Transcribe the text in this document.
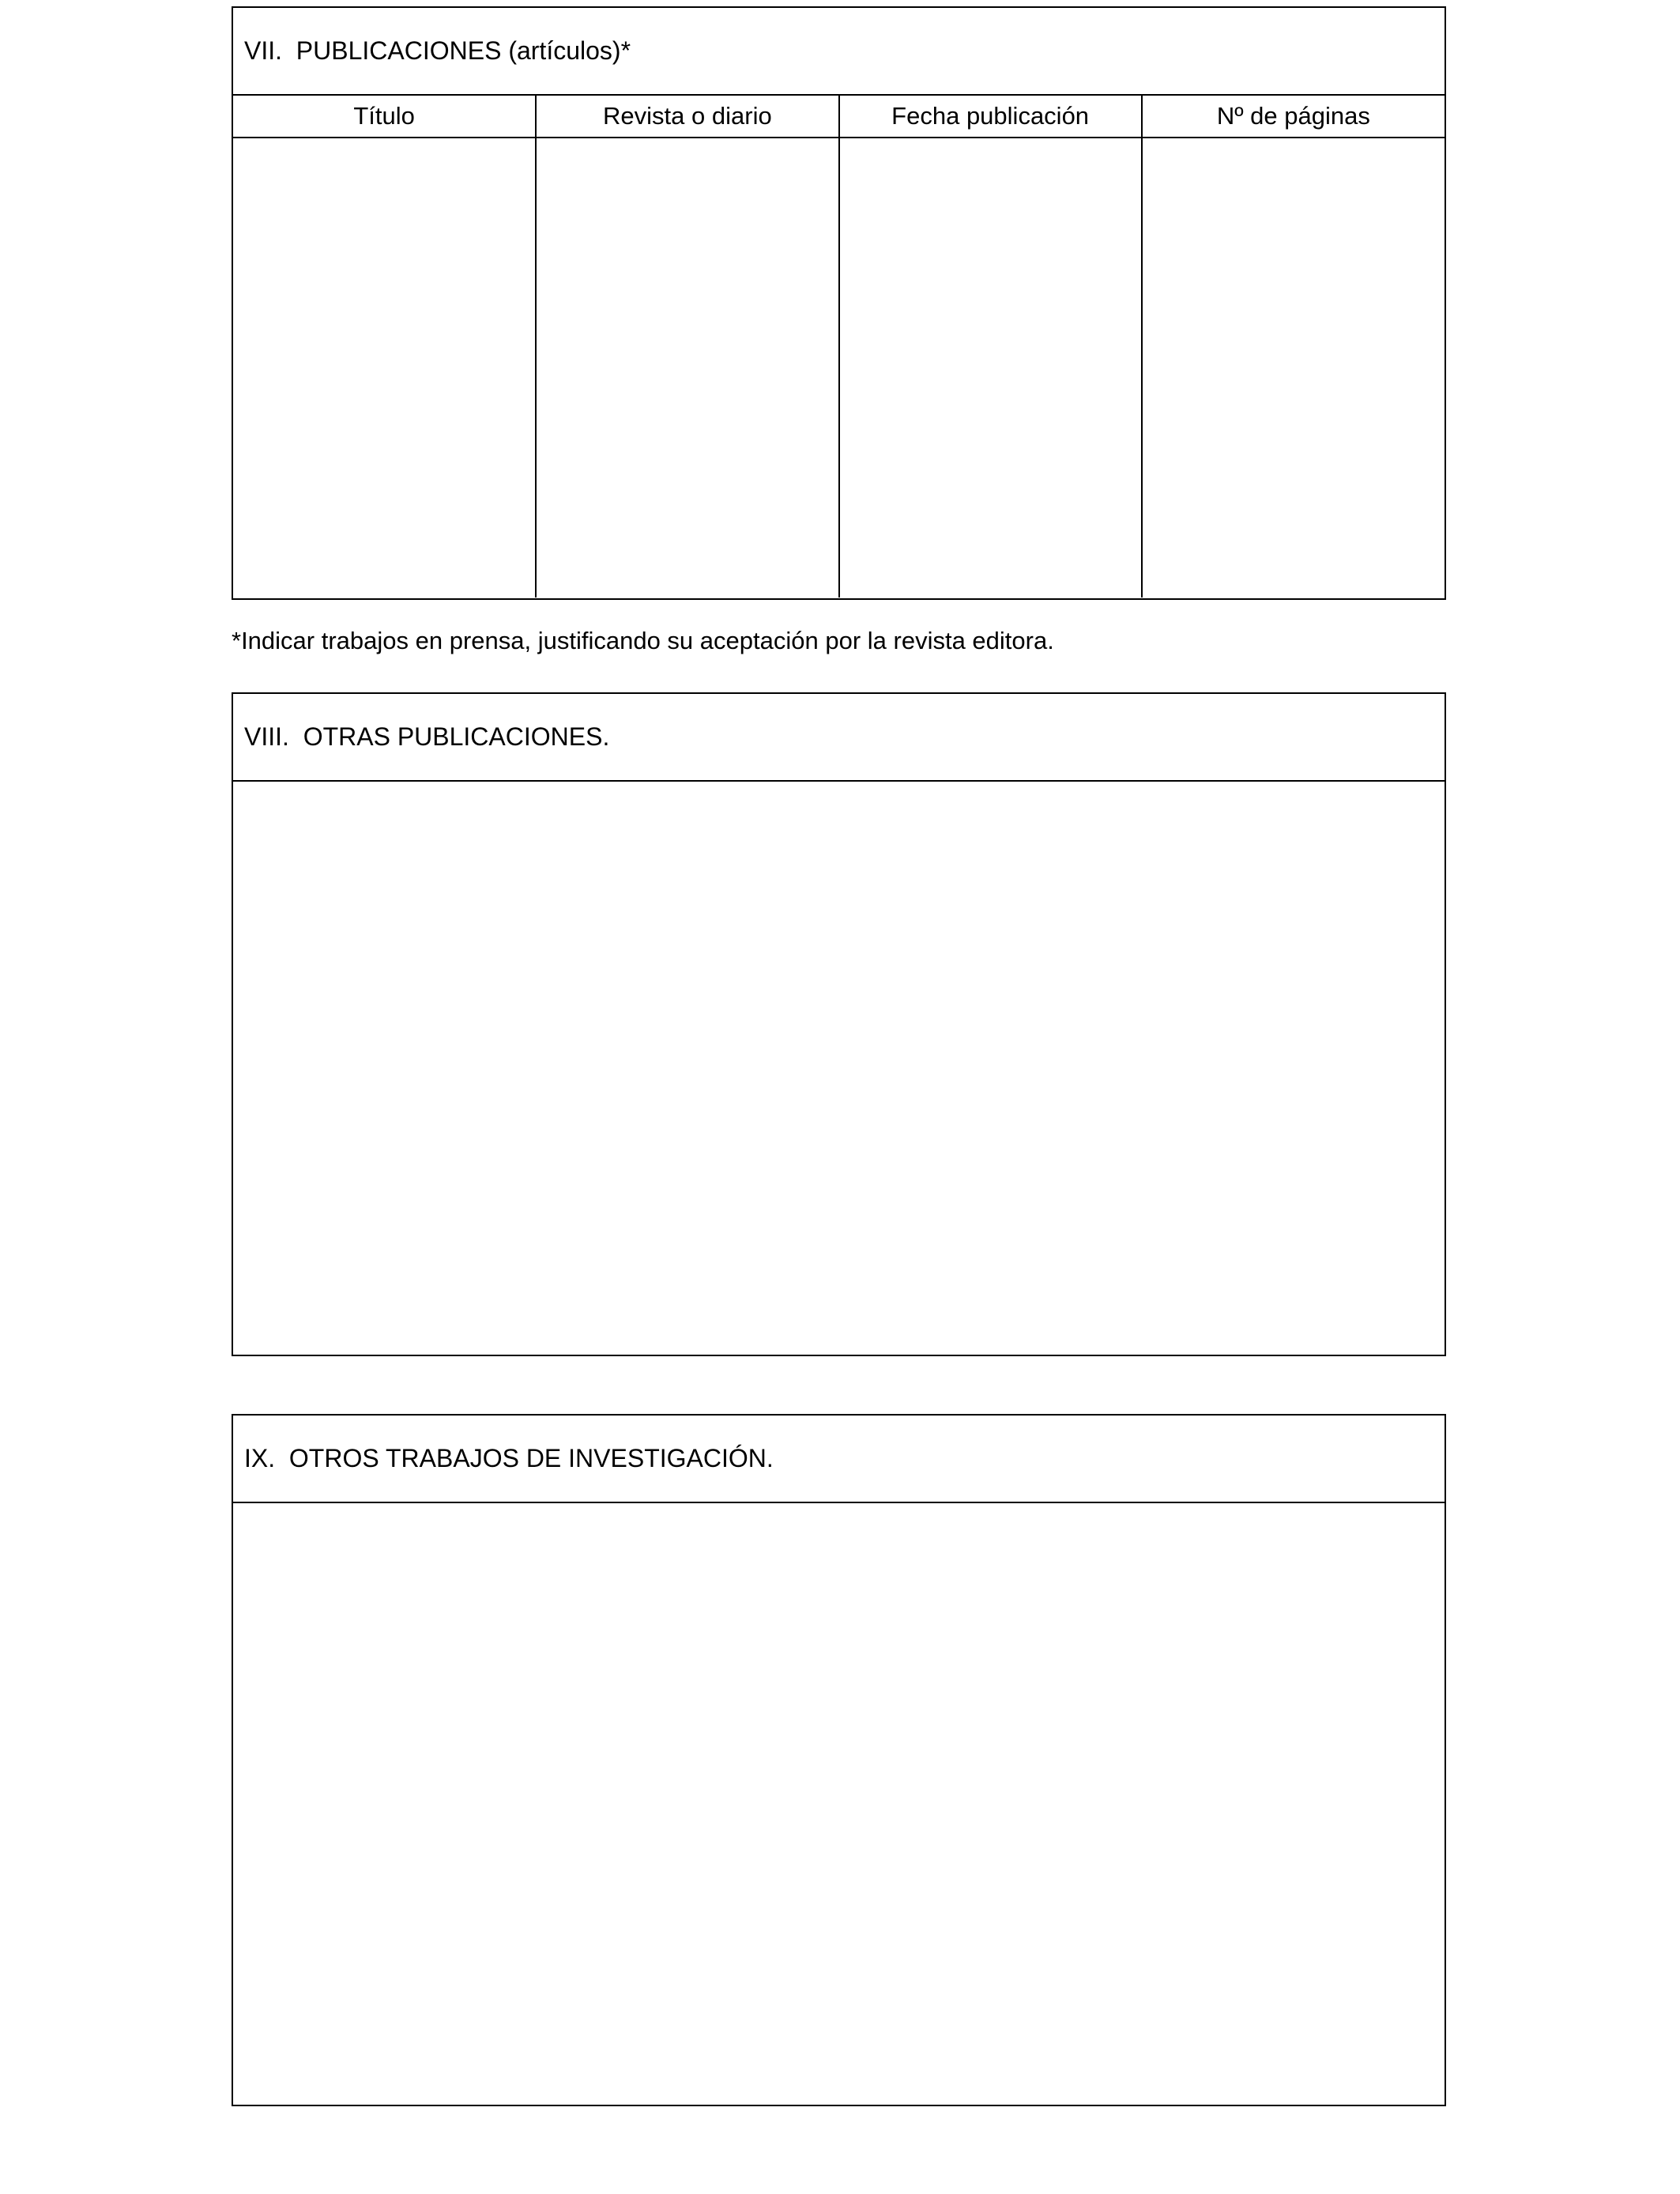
VII.  PUBLICACIONES (artículos)*
Título	Revista o diario	Fecha publicación	Nº de páginas

*Indicar trabajos en prensa, justificando su aceptación por la revista editora.
VIII.  OTRAS PUBLICACIONES.
IX.  OTROS TRABAJOS DE INVESTIGACIÓN.
